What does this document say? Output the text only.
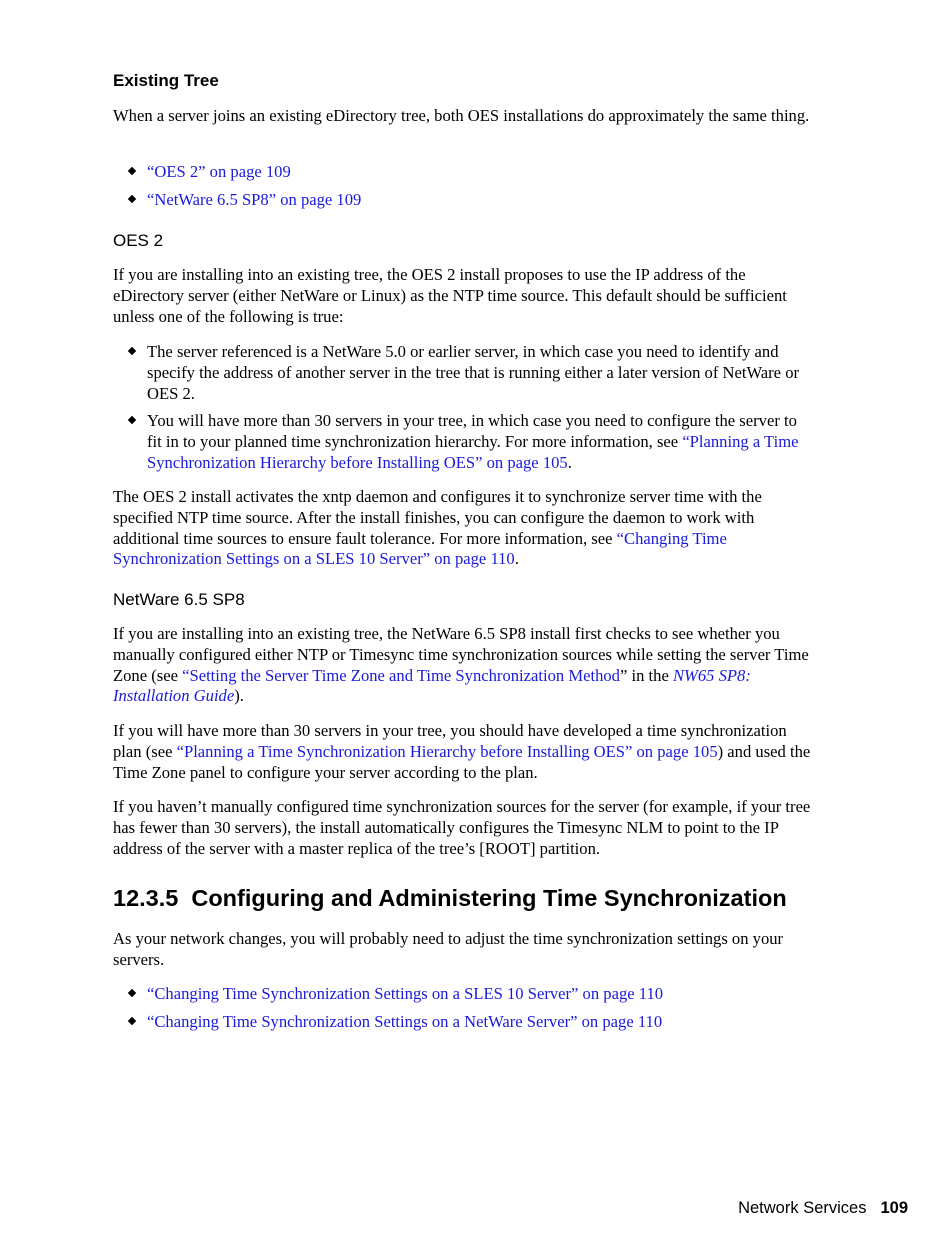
Existing Tree

When a server joins an existing eDirectory tree, both OES installations do approximately the same thing.

“OES 2” on page 109
“NetWare 6.5 SP8” on page 109
OES 2

If you are installing into an existing tree, the OES 2 install proposes to use the IP address of the eDirectory server (either NetWare or Linux) as the NTP time source. This default should be sufficient unless one of the following is true:

The server referenced is a NetWare 5.0 or earlier server, in which case you need to identify and specify the address of another server in the tree that is running either a later version of NetWare or OES 2.
You will have more than 30 servers in your tree, in which case you need to configure the server to fit in to your planned time synchronization hierarchy. For more information, see “Planning a Time Synchronization Hierarchy before Installing OES” on page 105.

The OES 2 install activates the xntp daemon and configures it to synchronize server time with the specified NTP time source. After the install finishes, you can configure the daemon to work with additional time sources to ensure fault tolerance. For more information, see “Changing Time Synchronization Settings on a SLES 10 Server” on page 110.

NetWare 6.5 SP8

If you are installing into an existing tree, the NetWare 6.5 SP8 install first checks to see whether you manually configured either NTP or Timesync time synchronization sources while setting the server Time Zone (see “Setting the Server Time Zone and Time Synchronization Method” in the NW65 SP8: Installation Guide).

If you will have more than 30 servers in your tree, you should have developed a time synchronization plan (see “Planning a Time Synchronization Hierarchy before Installing OES” on page 105) and used the Time Zone panel to configure your server according to the plan.

If you haven’t manually configured time synchronization sources for the server (for example, if your tree has fewer than 30 servers), the install automatically configures the Timesync NLM to point to the IP address of the server with a master replica of the tree’s [ROOT] partition.

12.3.5 Configuring and Administering Time Synchronization

As your network changes, you will probably need to adjust the time synchronization settings on your servers.

“Changing Time Synchronization Settings on a SLES 10 Server” on page 110
“Changing Time Synchronization Settings on a NetWare Server” on page 110
Network Services 109
